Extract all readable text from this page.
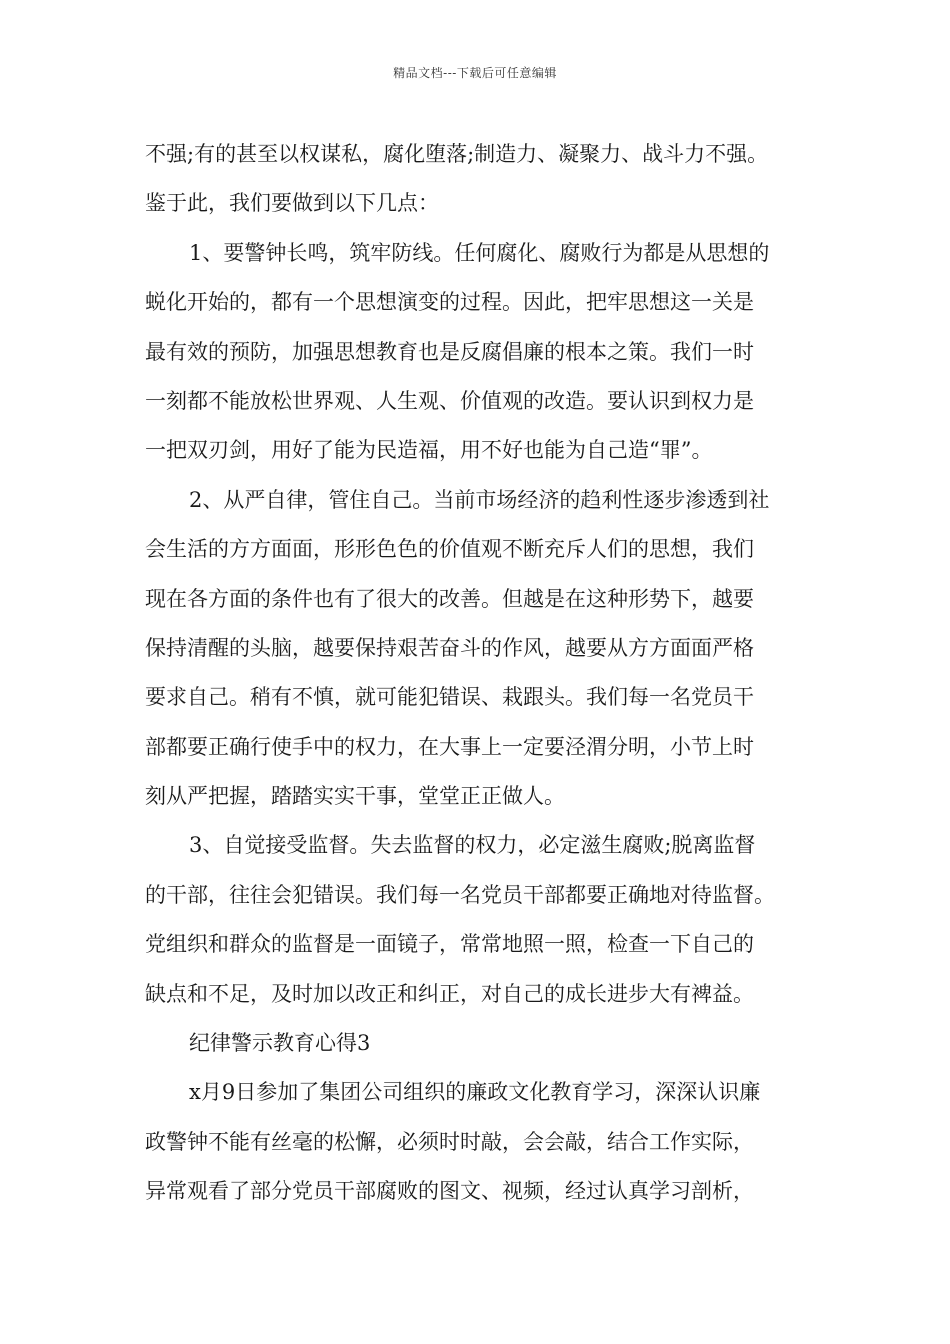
精品文档---下载后可任意编辑
不强;有的甚至以权谋私，腐化堕落;制造力、凝聚力、战斗力不强。
鉴于此，我们要做到以下几点：
1、要警钟长鸣，筑牢防线。任何腐化、腐败行为都是从思想的
蜕化开始的，都有一个思想演变的过程。因此，把牢思想这一关是
最有效的预防，加强思想教育也是反腐倡廉的根本之策。我们一时
一刻都不能放松世界观、人生观、价值观的改造。要认识到权力是
一把双刃剑，用好了能为民造福，用不好也能为自己造“罪”。
2、从严自律，管住自己。当前市场经济的趋利性逐步渗透到社
会生活的方方面面，形形色色的价值观不断充斥人们的思想，我们
现在各方面的条件也有了很大的改善。但越是在这种形势下，越要
保持清醒的头脑，越要保持艰苦奋斗的作风，越要从方方面面严格
要求自己。稍有不慎，就可能犯错误、栽跟头。我们每一名党员干
部都要正确行使手中的权力，在大事上一定要泾渭分明，小节上时
刻从严把握，踏踏实实干事，堂堂正正做人。
3、自觉接受监督。失去监督的权力，必定滋生腐败;脱离监督
的干部，往往会犯错误。我们每一名党员干部都要正确地对待监督。
党组织和群众的监督是一面镜子，常常地照一照，检查一下自己的
缺点和不足，及时加以改正和纠正，对自己的成长进步大有裨益。
纪律警示教育心得3
x月9日参加了集团公司组织的廉政文化教育学习，深深认识廉
政警钟不能有丝毫的松懈，必须时时敲，会会敲，结合工作实际，
异常观看了部分党员干部腐败的图文、视频，经过认真学习剖析，
